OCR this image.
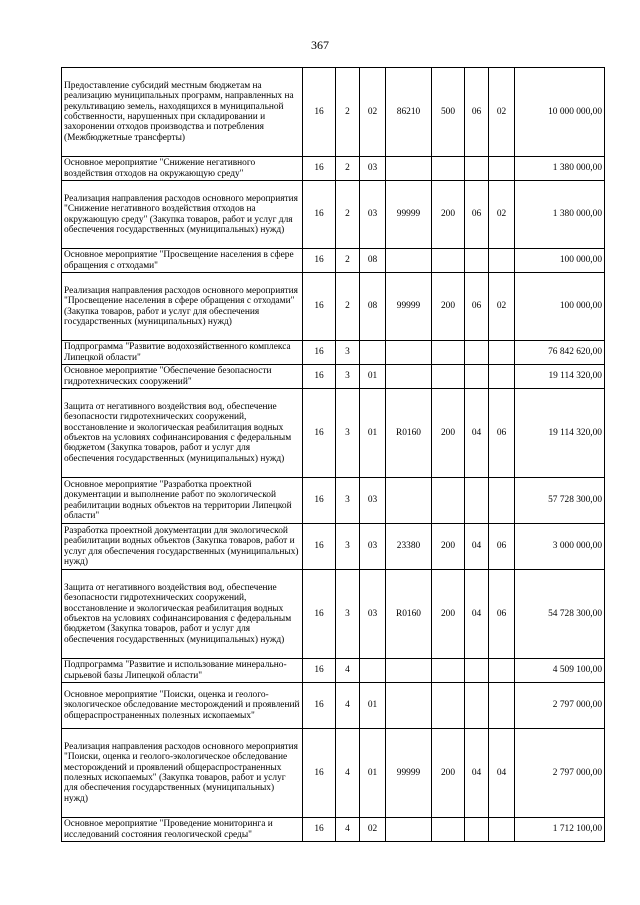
367
Предоставление субсидий местным бюджетам на реализацию муниципальных программ, направленных на рекультивацию земель, находящихся в муниципальной собственности, нарушенных при складировании и захоронении отходов производства и потребления (Межбюджетные трансферты)	16	2	02	86210	500	06	02	10 000 000,00
Основное мероприятие "Снижение негативного воздействия отходов на окружающую среду"	16	2	03					1 380 000,00
Реализация направления расходов основного мероприятия "Снижение негативного воздействия отходов на окружающую среду" (Закупка товаров, работ и услуг для обеспечения государственных (муниципальных) нужд)	16	2	03	99999	200	06	02	1 380 000,00
Основное мероприятие "Просвещение населения в сфере обращения с отходами"	16	2	08					100 000,00
Реализация направления расходов основного мероприятия "Просвещение населения в сфере обращения с отходами" (Закупка товаров, работ и услуг для обеспечения государственных (муниципальных) нужд)	16	2	08	99999	200	06	02	100 000,00
Подпрограмма "Развитие водохозяйственного комплекса Липецкой области"	16	3						76 842 620,00
Основное мероприятие "Обеспечение безопасности гидротехнических сооружений"	16	3	01					19 114 320,00
Защита от негативного воздействия вод, обеспечение безопасности гидротехнических сооружений, восстановление и экологическая реабилитация водных объектов на условиях софинансирования с федеральным бюджетом (Закупка товаров, работ и услуг для обеспечения государственных (муниципальных) нужд)	16	3	01	R0160	200	04	06	19 114 320,00
Основное мероприятие "Разработка проектной документации и выполнение работ по экологической реабилитации водных объектов на территории Липецкой области"	16	3	03					57 728 300,00
Разработка проектной документации для экологической реабилитации водных объектов (Закупка товаров, работ и услуг для обеспечения государственных (муниципальных) нужд)	16	3	03	23380	200	04	06	3 000 000,00
Защита от негативного воздействия вод, обеспечение безопасности гидротехнических сооружений, восстановление и экологическая реабилитация водных объектов на условиях софинансирования с федеральным бюджетом (Закупка товаров, работ и услуг для обеспечения государственных (муниципальных) нужд)	16	3	03	R0160	200	04	06	54 728 300,00
Подпрограмма "Развитие и использование минерально-сырьевой базы Липецкой области"	16	4						4 509 100,00
Основное мероприятие "Поиски, оценка и геолого-экологическое обследование месторождений и проявлений общераспространенных полезных ископаемых"	16	4	01					2 797 000,00
Реализация направления расходов основного мероприятия "Поиски, оценка и геолого-экологическое обследование месторождений и проявлений общераспространенных полезных ископаемых" (Закупка товаров, работ и услуг для обеспечения государственных (муниципальных) нужд)	16	4	01	99999	200	04	04	2 797 000,00
Основное мероприятие "Проведение мониторинга и исследований состояния геологической среды"	16	4	02					1 712 100,00
